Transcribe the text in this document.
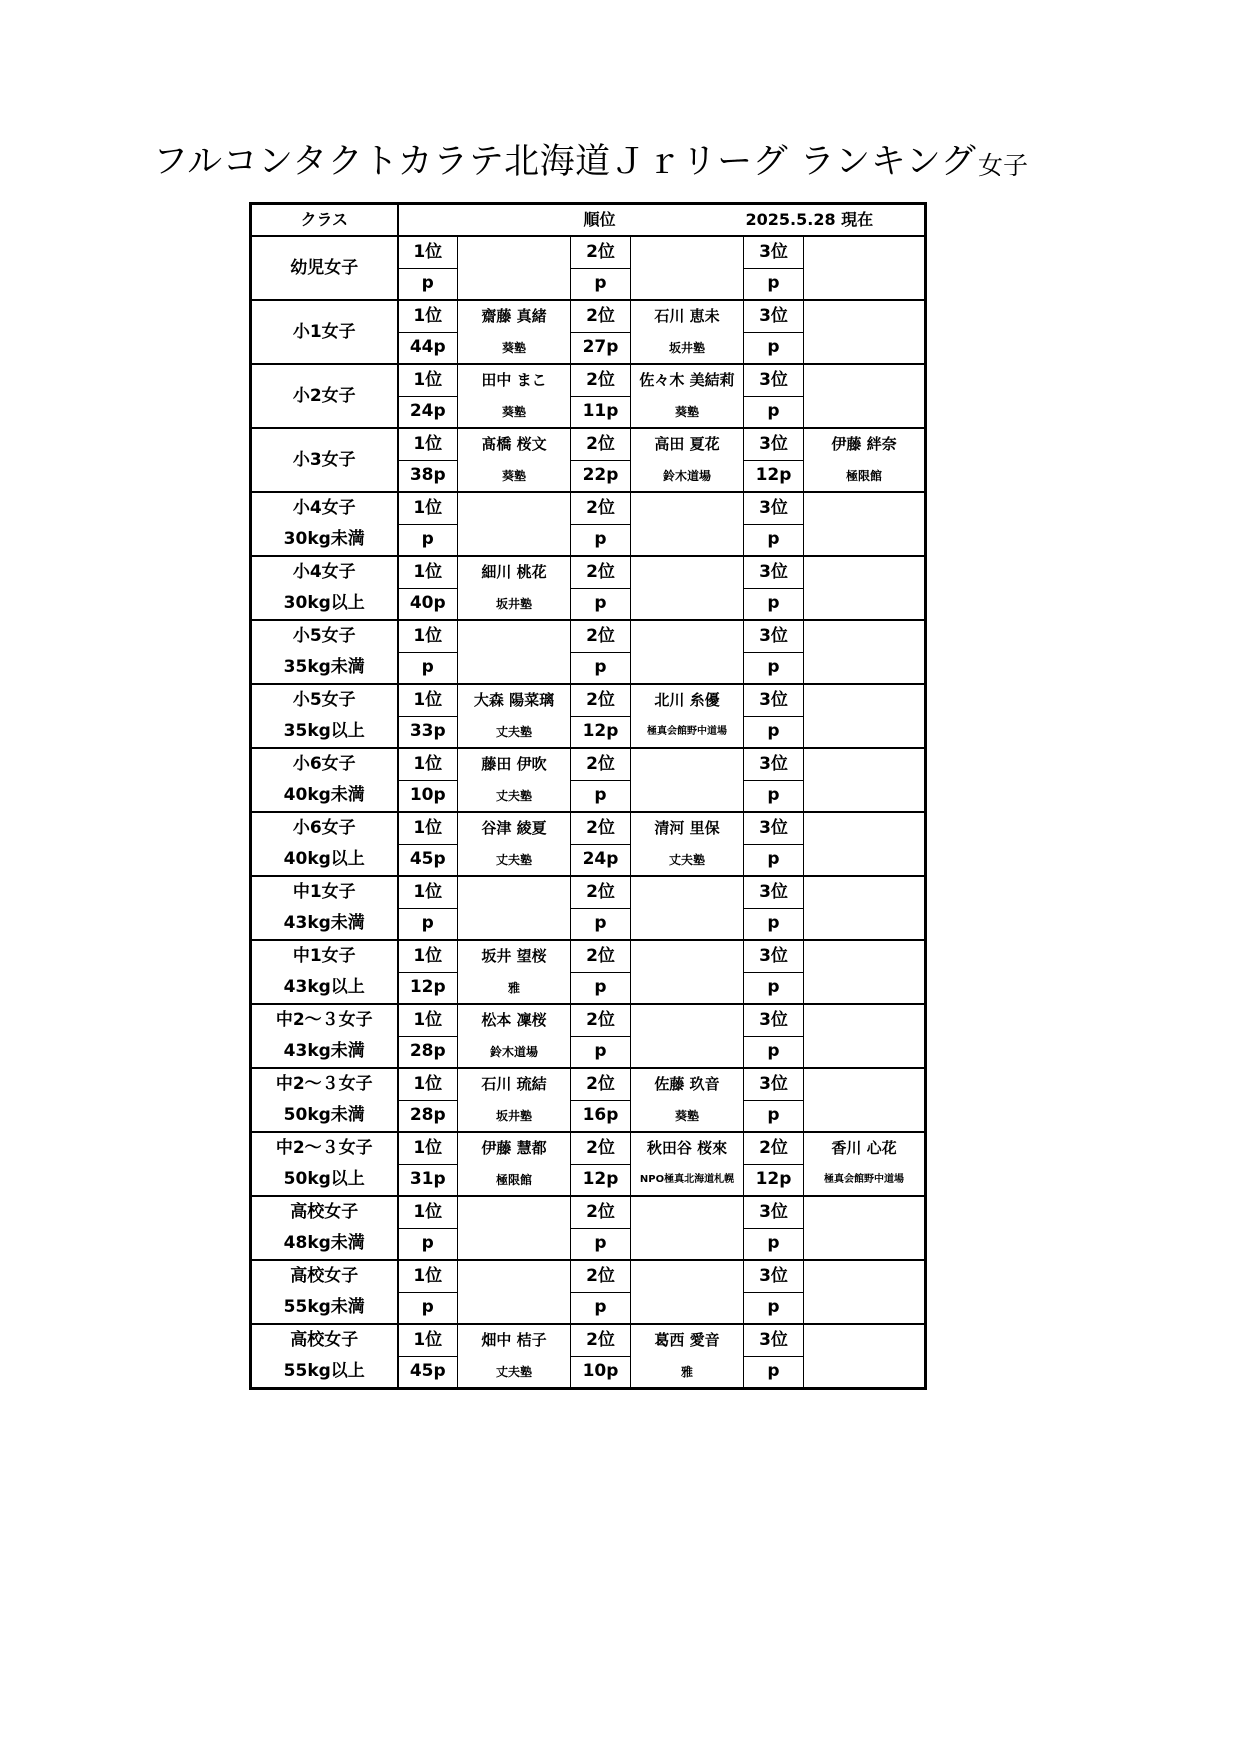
フルコンタクトカラテ北海道Ｊｒリーグ ランキング 女子
クラス	順位 2025.5.28 現在					

幼児女子	1位		2位		3位	
	p		p		p	
小1女子	1位	齋藤 真緒	2位	石川 恵未	3位	
	44p	葵塾	27p	坂井塾	p	
小2女子	1位	田中 まこ	2位	佐々木 美結莉	3位	
	24p	葵塾	11p	葵塾	p	
小3女子	1位	髙橋 桜文	2位	高田 夏花	3位	伊藤 絆奈
	38p	葵塾	22p	鈴木道場	12p	極限館
小4女子	1位		2位		3位	
30kg未満	p		p		p	
小4女子	1位	細川 桃花	2位		3位	
30kg以上	40p	坂井塾	p		p	
小5女子	1位		2位		3位	
35kg未満	p		p		p	
小5女子	1位	大森 陽菜璃	2位	北川 糸優	3位	
35kg以上	33p	丈夫塾	12p	極真会館野中道場	p	
小6女子	1位	藤田 伊吹	2位		3位	
40kg未満	10p	丈夫塾	p		p	
小6女子	1位	谷津 綾夏	2位	清河 里保	3位	
40kg以上	45p	丈夫塾	24p	丈夫塾	p	
中1女子	1位		2位		3位	
43kg未満	p		p		p	
中1女子	1位	坂井 望桜	2位		3位	
43kg以上	12p	雅	p		p	
中2～３女子	1位	松本 凜桜	2位		3位	
43kg未満	28p	鈴木道場	p		p	
中2～３女子	1位	石川 琉結	2位	佐藤 玖音	3位	
50kg未満	28p	坂井塾	16p	葵塾	p	
中2～３女子	1位	伊藤 慧都	2位	秋田谷 桜來	2位	香川 心花
50kg以上	31p	極限館	12p	NPO極真北海道札幌	12p	極真会館野中道場
高校女子	1位		2位		3位	
48kg未満	p		p		p	
高校女子	1位		2位		3位	
55kg未満	p		p		p	
高校女子	1位	畑中 桔子	2位	葛西 愛音	3位	
55kg以上	45p	丈夫塾	10p	雅	p	
